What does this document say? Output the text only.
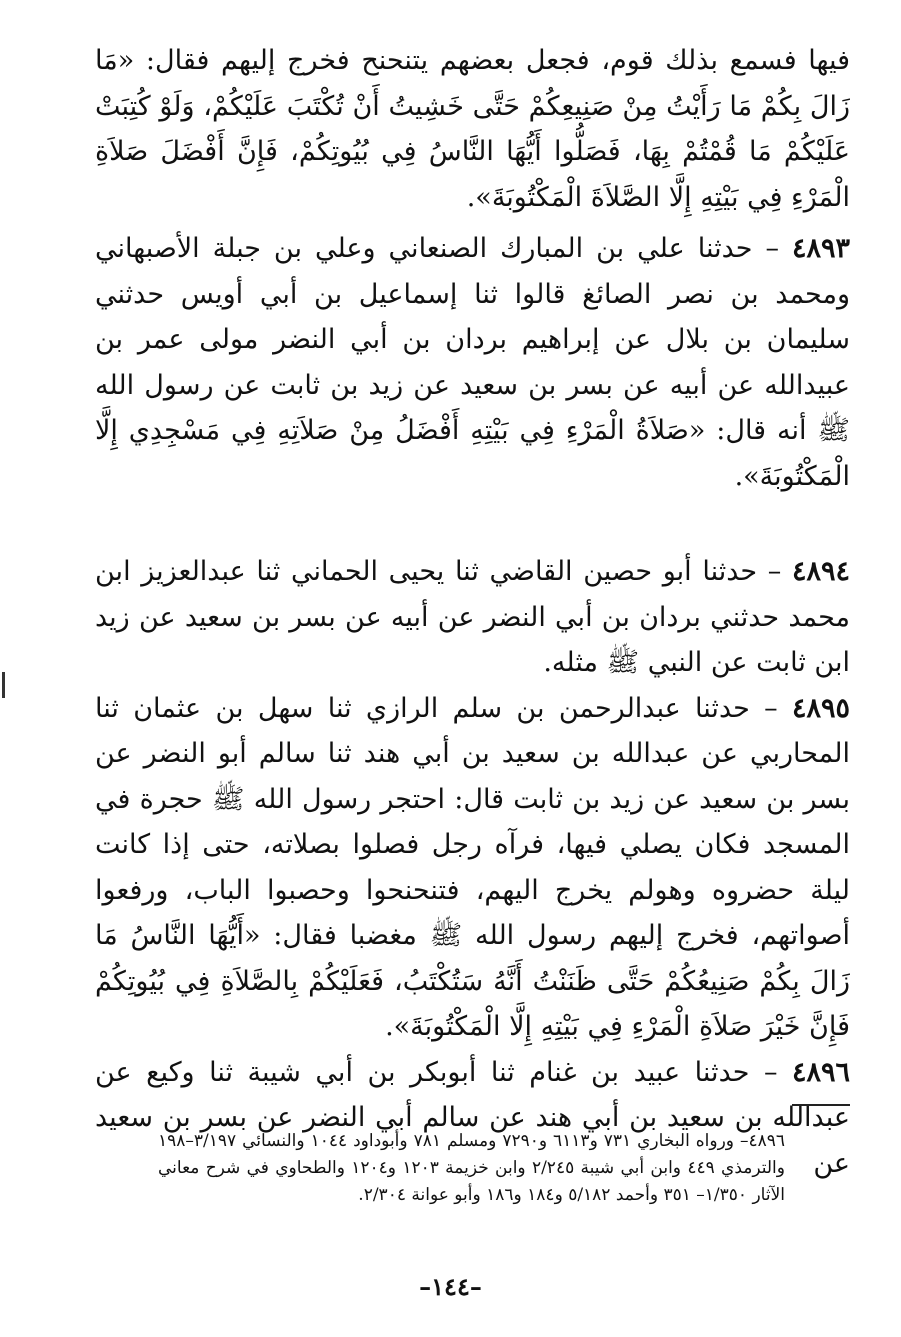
فيها فسمع بذلك قوم، فجعل بعضهم يتنحنح فخرج إليهم فقال: «مَا زَالَ بِكُمْ مَا رَأَيْتُ مِنْ صَنِيعِكُمْ حَتَّى خَشِيتُ أَنْ تُكْتَبَ عَلَيْكُمْ، وَلَوْ كُتِبَتْ عَلَيْكُمْ مَا قُمْتُمْ بِهَا، فَصَلُّوا أَيُّهَا النَّاسُ فِي بُيُوتِكُمْ، فَإِنَّ أَفْضَلَ صَلاَةِ الْمَرْءِ فِي بَيْتِهِ إِلَّا الصَّلاَةَ الْمَكْتُوبَةَ».

٤٨٩٣ – حدثنا علي بن المبارك الصنعاني وعلي بن جبلة الأصبهاني ومحمد بن نصر الصائغ قالوا ثنا إسماعيل بن أبي أويس حدثني سليمان بن بلال عن إبراهيم بردان بن أبي النضر مولى عمر بن عبيدالله عن أبيه عن بسر بن سعيد عن زيد بن ثابت عن رسول الله ﷺ أنه قال: «صَلاَةُ الْمَرْءِ فِي بَيْتِهِ أَفْضَلُ مِنْ صَلاَتِهِ فِي مَسْجِدِي إِلَّا الْمَكْتُوبَةَ».

٤٨٩٤ – حدثنا أبو حصين القاضي ثنا يحيى الحماني ثنا عبدالعزيز ابن محمد حدثني بردان بن أبي النضر عن أبيه عن بسر بن سعيد عن زيد ابن ثابت عن النبي ﷺ مثله.

٤٨٩٥ – حدثنا عبدالرحمن بن سلم الرازي ثنا سهل بن عثمان ثنا المحاربي عن عبدالله بن سعيد بن أبي هند ثنا سالم أبو النضر عن بسر بن سعيد عن زيد بن ثابت قال: احتجر رسول الله ﷺ حجرة في المسجد فكان يصلي فيها، فرآه رجل فصلوا بصلاته، حتى إذا كانت ليلة حضروه وهولم يخرج اليهم، فتنحنحوا وحصبوا الباب، ورفعوا أصواتهم، فخرج إليهم رسول الله ﷺ مغضبا فقال: «أَيُّهَا النَّاسُ مَا زَالَ بِكُمْ صَنِيعُكُمْ حَتَّى ظَنَنْتُ أَنَّهُ سَتُكْتَبُ، فَعَلَيْكُمْ بِالصَّلاَةِ فِي بُيُوتِكُمْ فَإِنَّ خَيْرَ صَلاَةِ الْمَرْءِ فِي بَيْتِهِ إِلَّا الْمَكْتُوبَةَ».

٤٨٩٦ – حدثنا عبيد بن غنام ثنا أبوبكر بن أبي شيبة ثنا وكيع عن عبدالله بن سعيد بن أبي هند عن سالم أبي النضر عن بسر بن سعيد عن

٤٨٩٦– ورواه البخاري ٧٣١ و٦١١٣ و٧٢٩٠ ومسلم ٧٨١ وأبوداود ١٠٤٤ والنسائي ٣/١٩٧–١٩٨ والترمذي ٤٤٩ وابن أبي شيبة ٢/٢٤٥ وابن خزيمة ١٢٠٣ و١٢٠٤ والطحاوي في شرح معاني الآثار ١/٣٥٠– ٣٥١ وأحمد ٥/١٨٢ و١٨٤ و١٨٦ وأبو عوانة ٢/٣٠٤.

–١٤٤–
